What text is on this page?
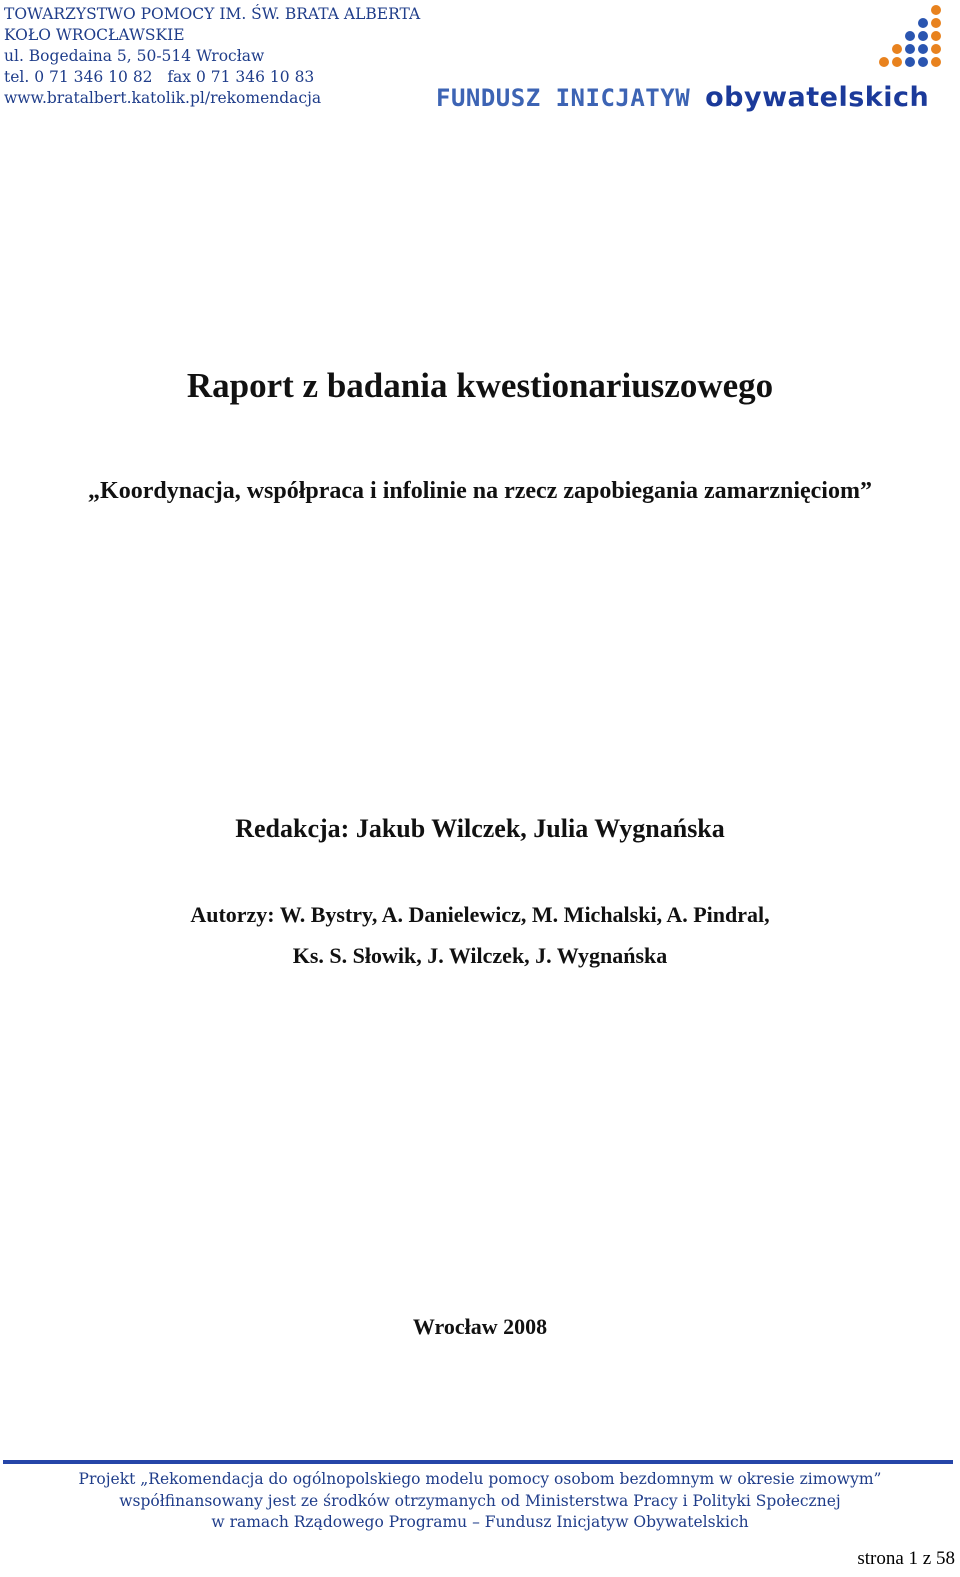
TOWARZYSTWO POMOCY IM. ŚW. BRATA ALBERTA
KOŁO WROCŁAWSKIE
ul. Bogedaina 5, 50-514 Wrocław
tel. 0 71 346 10 82   fax 0 71 346 10 83
www.bratalbert.katolik.pl/rekomendacja	FUNDUSZ INICJATYW obywatelskich
Raport z badania kwestionariuszowego
„Koordynacja, współpraca i infolinie na rzecz zapobiegania zamarznięciom”
Redakcja: Jakub Wilczek, Julia Wygnańska
Autorzy: W. Bystry, A. Danielewicz, M. Michalski, A. Pindral,
Ks. S. Słowik, J. Wilczek, J. Wygnańska
Wrocław 2008
Projekt „Rekomendacja do ogólnopolskiego modelu pomocy osobom bezdomnym w okresie zimowym”
współfinansowany jest ze środków otrzymanych od Ministerstwa Pracy i Polityki Społecznej
w ramach Rządowego Programu – Fundusz Inicjatyw Obywatelskich
strona 1 z 58
